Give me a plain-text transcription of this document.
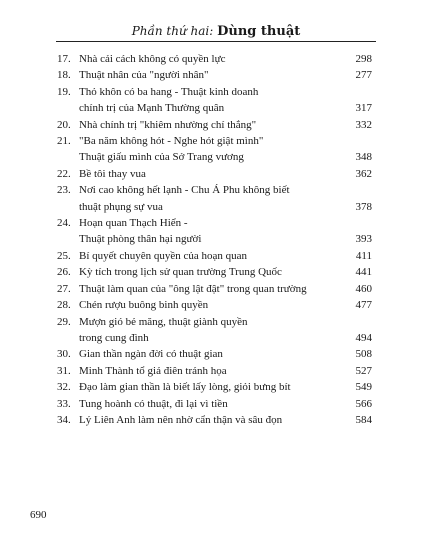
Phần thứ hai: Dùng thuật
17. Nhà cải cách không có quyền lực	298
18. Thuật nhân của "người nhân"	277
19. Thỏ khôn có ba hang - Thuật kinh doanh
chính trị của Mạnh Thường quân	317
20. Nhà chính trị "khiêm nhường chí thắng"	332
21. "Ba năm không hót - Nghe hót giật mình"
Thuật giấu mình của Sở Trang vương	348
22. Bề tôi thay vua	362
23. Nơi cao không hết lạnh - Chu Á Phu không biết
thuật phụng sự vua	378
24. Hoạn quan Thạch Hiển -
Thuật phòng thân hại người	393
25. Bí quyết chuyên quyền của hoạn quan	411
26. Kỳ tích trong lịch sử quan trường Trung Quốc	441
27. Thuật làm quan của "ông lật đật" trong quan trường	460
28. Chén rượu buông binh quyền	477
29. Mượn gió bẻ măng, thuật giành quyền
trong cung đình	494
30. Gian thần ngàn đời có thuật gian	508
31. Minh Thành tổ giả điên tránh họa	527
32. Đạo làm gian thần là biết lấy lòng, giỏi bưng bít	549
33. Tung hoành có thuật, đi lại vì tiền	566
34. Lý Liên Anh làm nên nhờ cẩn thận và sâu đọn	584
690
